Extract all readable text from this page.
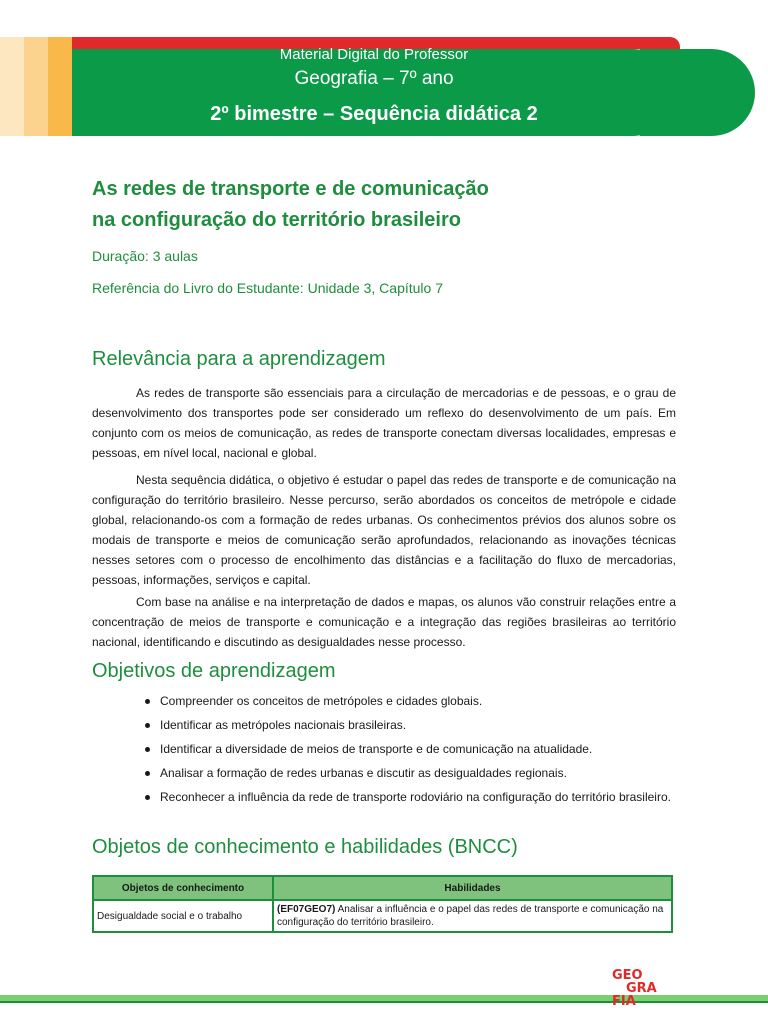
Material Digital do Professor
Geografia – 7º ano
2º bimestre – Sequência didática 2
As redes de transporte e de comunicação
na configuração do território brasileiro
Duração: 3 aulas
Referência do Livro do Estudante: Unidade 3, Capítulo 7
Relevância para a aprendizagem
As redes de transporte são essenciais para a circulação de mercadorias e de pessoas, e o grau de desenvolvimento dos transportes pode ser considerado um reflexo do desenvolvimento de um país. Em conjunto com os meios de comunicação, as redes de transporte conectam diversas localidades, empresas e pessoas, em nível local, nacional e global.
Nesta sequência didática, o objetivo é estudar o papel das redes de transporte e de comunicação na configuração do território brasileiro. Nesse percurso, serão abordados os conceitos de metrópole e cidade global, relacionando-os com a formação de redes urbanas. Os conhecimentos prévios dos alunos sobre os modais de transporte e meios de comunicação serão aprofundados, relacionando as inovações técnicas nesses setores com o processo de encolhimento das distâncias e a facilitação do fluxo de mercadorias, pessoas, informações, serviços e capital.
Com base na análise e na interpretação de dados e mapas, os alunos vão construir relações entre a concentração de meios de transporte e comunicação e a integração das regiões brasileiras ao território nacional, identificando e discutindo as desigualdades nesse processo.
Objetivos de aprendizagem
Compreender os conceitos de metrópoles e cidades globais.
Identificar as metrópoles nacionais brasileiras.
Identificar a diversidade de meios de transporte e de comunicação na atualidade.
Analisar a formação de redes urbanas e discutir as desigualdades regionais.
Reconhecer a influência da rede de transporte rodoviário na configuração do território brasileiro.
Objetos de conhecimento e habilidades (BNCC)
Objetos de conhecimento	Habilidades
Desigualdade social e o trabalho	(EF07GEO7) Analisar a influência e o papel das redes de transporte e comunicação na configuração do território brasileiro.
GEO
GRA
FIA
